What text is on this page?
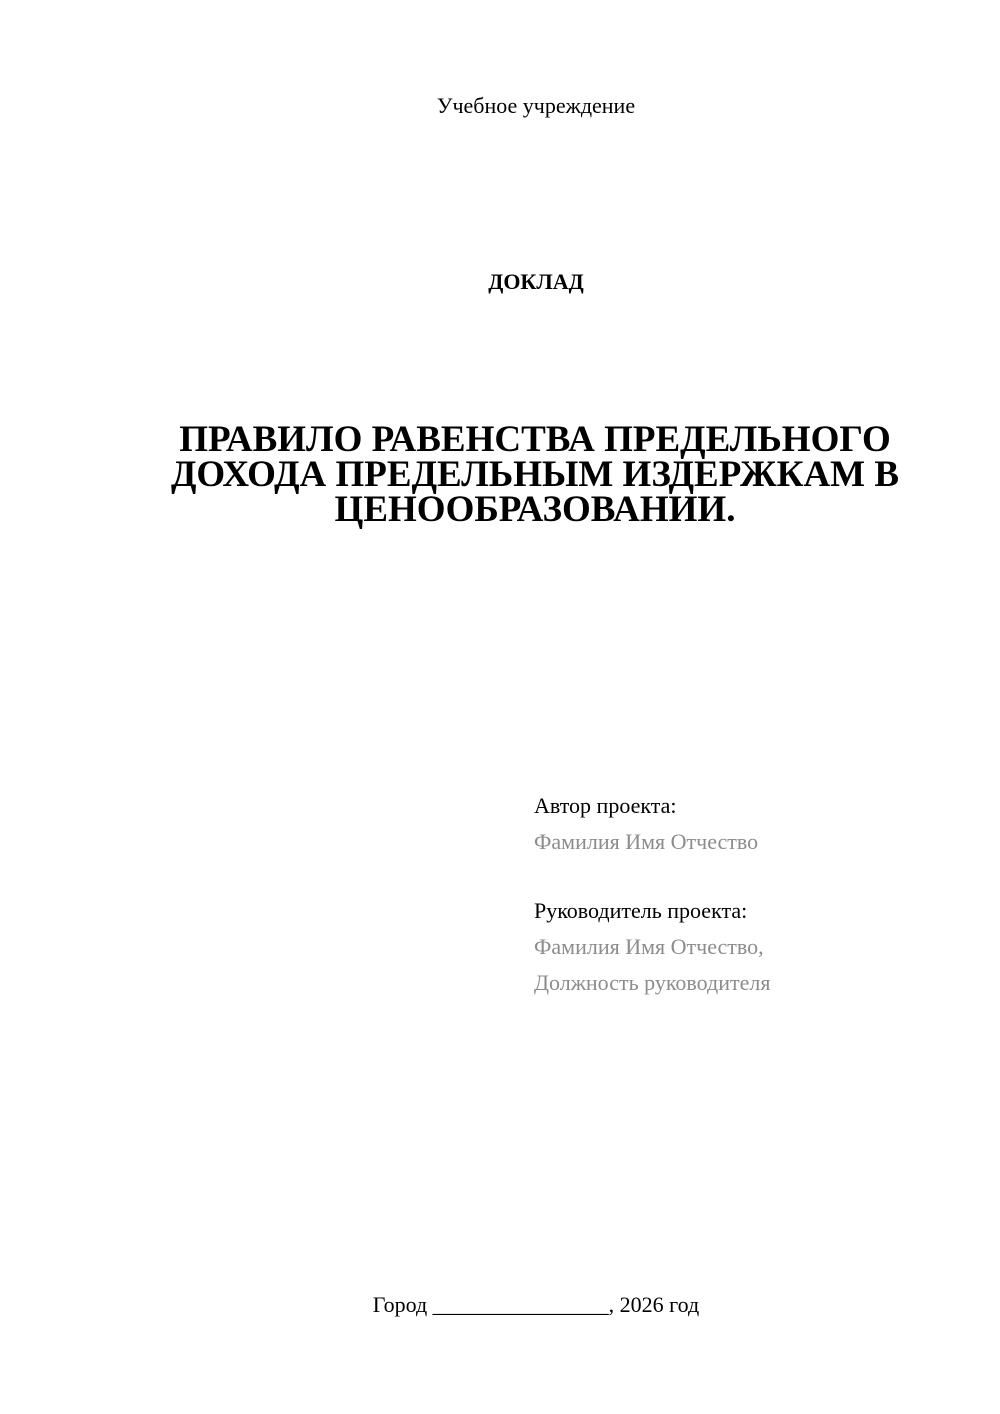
Учебное учреждение
ДОКЛАД
ПРАВИЛО РАВЕНСТВА ПРЕДЕЛЬНОГО
ДОХОДА ПРЕДЕЛЬНЫМ ИЗДЕРЖКАМ В
ЦЕНООБРАЗОВАНИИ.
Автор проекта:
Фамилия Имя Отчество
Руководитель проекта:
Фамилия Имя Отчество,
Должность руководителя
Город ________________, 2026 год
